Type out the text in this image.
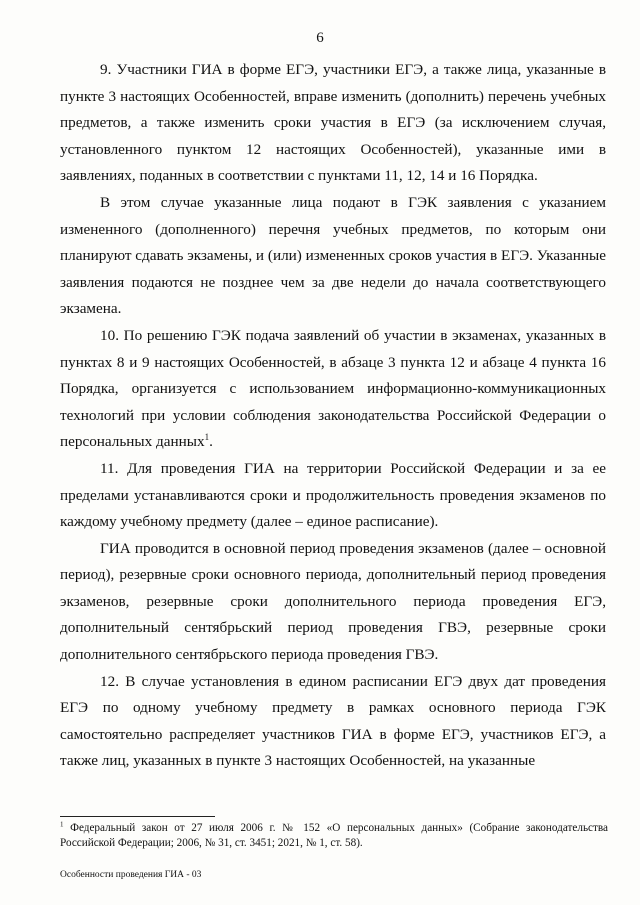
6

9. Участники ГИА в форме ЕГЭ, участники ЕГЭ, а также лица, указанные в пункте 3 настоящих Особенностей, вправе изменить (дополнить) перечень учебных предметов, а также изменить сроки участия в ЕГЭ (за исключением случая, установленного пунктом 12 настоящих Особенностей), указанные ими в заявлениях, поданных в соответствии с пунктами 11, 12, 14 и 16 Порядка.

В этом случае указанные лица подают в ГЭК заявления с указанием измененного (дополненного) перечня учебных предметов, по которым они планируют сдавать экзамены, и (или) измененных сроков участия в ЕГЭ. Указанные заявления подаются не позднее чем за две недели до начала соответствующего экзамена.

10. По решению ГЭК подача заявлений об участии в экзаменах, указанных в пунктах 8 и 9 настоящих Особенностей, в абзаце 3 пункта 12 и абзаце 4 пункта 16 Порядка, организуется с использованием информационно-коммуникационных технологий при условии соблюдения законодательства Российской Федерации о персональных данных$^1$.

11. Для проведения ГИА на территории Российской Федерации и за ее пределами устанавливаются сроки и продолжительность проведения экзаменов по каждому учебному предмету (далее – единое расписание).

ГИА проводится в основной период проведения экзаменов (далее – основной период), резервные сроки основного периода, дополнительный период проведения экзаменов, резервные сроки дополнительного периода проведения ЕГЭ, дополнительный сентябрьский период проведения ГВЭ, резервные сроки дополнительного сентябрьского периода проведения ГВЭ.

12. В случае установления в едином расписании ЕГЭ двух дат проведения ЕГЭ по одному учебному предмету в рамках основного периода ГЭК самостоятельно распределяет участников ГИА в форме ЕГЭ, участников ЕГЭ, а также лиц, указанных в пункте 3 настоящих Особенностей, на указанные

$^1$ Федеральный закон от 27 июля 2006 г. № 152 «О персональных данных» (Собрание законодательства Российской Федерации; 2006, № 31, ст. 3451; 2021, № 1, ст. 58).
Особенности проведения ГИА - 03
